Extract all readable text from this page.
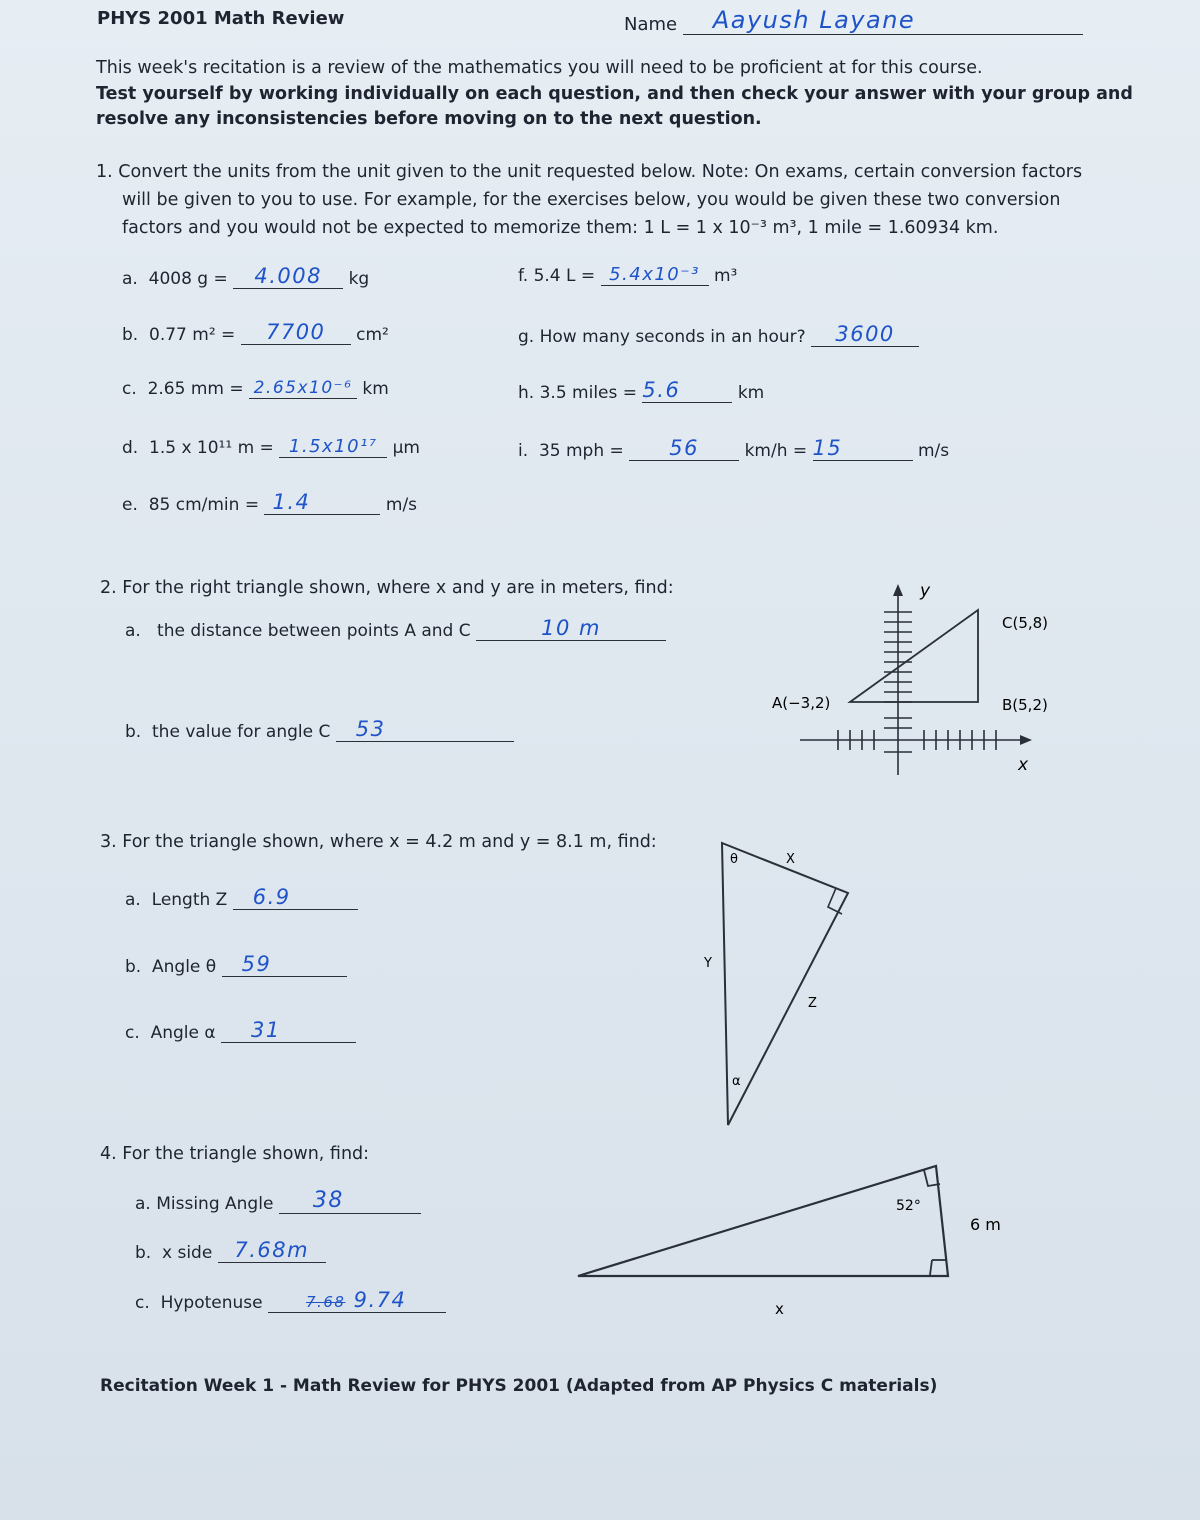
PHYS 2001 Math Review	Name Aayush Layane
This week's recitation is a review of the mathematics you will need to be proficient at for this course.
Test yourself by working individually on each question, and then check your answer with your group and
resolve any inconsistencies before moving on to the next question.
1. Convert the units from the unit given to the unit requested below. Note: On exams, certain conversion factors
will be given to you to use. For example, for the exercises below, you would be given these two conversion
factors and you would not be expected to memorize them: 1 L = 1 x 10⁻³ m³, 1 mile = 1.60934 km.
a. 4008 g = 4.008 kg
b. 0.77 m² = 7700 cm²
c. 2.65 mm = 2.65x10⁻⁶ km
d. 1.5 x 10¹¹ m = 1.5x10¹⁷ µm
e. 85 cm/min = 1.4	m/s
f. 5.4 L = 5.4x10⁻³ m³
g. How many seconds in an hour? 3600
h. 3.5 miles = 5.6	km
i. 35 mph = 56	km/h = 15	m/s
2. For the right triangle shown, where x and y are in meters, find:
a. the distance between points A and C	10 m
b. the value for angle C 53
y
x
A(−3,2)	B(5,2)
C(5,8)
3. For the triangle shown, where x = 4.2 m and y = 8.1 m, find:
a. Length Z 6.9
b. Angle θ 59
c. Angle α 31
θ
α
X
Y
Z
4. For the triangle shown, find:
a. Missing Angle 38
b. x side 7.68m
c. Hypotenuse	7.68 9.74
52°
6 m
x
Recitation Week 1 - Math Review for PHYS 2001 (Adapted from AP Physics C materials)
